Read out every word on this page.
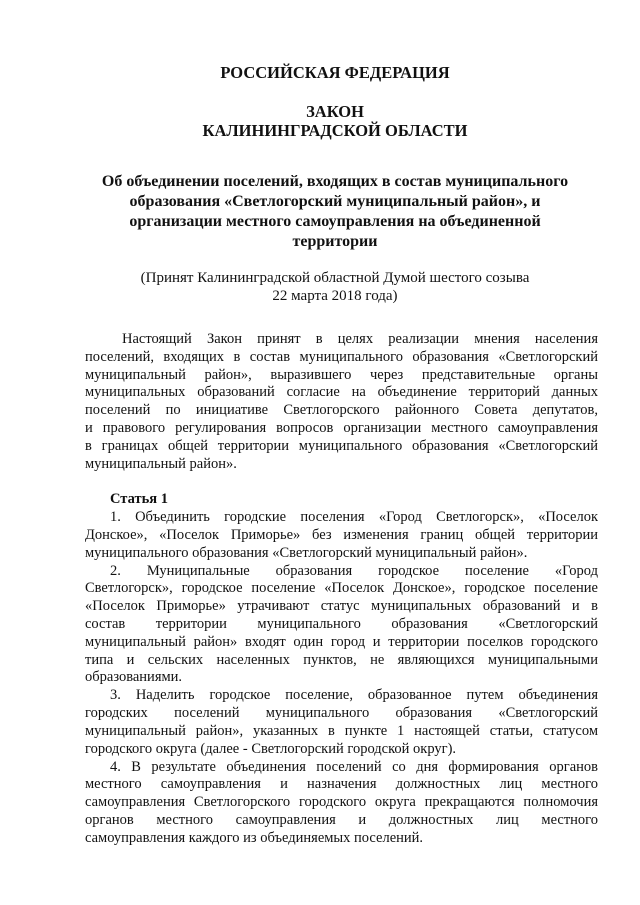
РОССИЙСКАЯ ФЕДЕРАЦИЯ
ЗАКОН
КАЛИНИНГРАДСКОЙ ОБЛАСТИ
Об объединении поселений, входящих в состав муниципального
образования «Светлогорский муниципальный район», и
организации местного самоуправления на объединенной
территории
(Принят Калининградской областной Думой шестого созыва
22 марта 2018 года)
Настоящий Закон принят в целях реализации мнения населения
поселений, входящих в состав муниципального образования «Светлогорский
муниципальный район», выразившего через представительные органы
муниципальных образований согласие на объединение территорий данных
поселений по инициативе Светлогорского районного Совета депутатов,
и правового регулирования вопросов организации местного самоуправления
в границах общей территории муниципального образования «Светлогорский
муниципальный район».
Статья 1
1. Объединить городские поселения «Город Светлогорск», «Поселок
Донское», «Поселок Приморье» без изменения границ общей территории
муниципального образования «Светлогорский муниципальный район».
2. Муниципальные образования городское поселение «Город
Светлогорск», городское поселение «Поселок Донское», городское поселение
«Поселок Приморье» утрачивают статус муниципальных образований и в
состав территории муниципального образования «Светлогорский
муниципальный район» входят один город и территории поселков городского
типа и сельских населенных пунктов, не являющихся муниципальными
образованиями.
3. Наделить городское поселение, образованное путем объединения
городских поселений муниципального образования «Светлогорский
муниципальный район», указанных в пункте 1 настоящей статьи, статусом
городского округа (далее - Светлогорский городской округ).
4. В результате объединения поселений со дня формирования органов
местного самоуправления и назначения должностных лиц местного
самоуправления Светлогорского городского округа прекращаются полномочия
органов местного самоуправления и должностных лиц местного
самоуправления каждого из объединяемых поселений.
